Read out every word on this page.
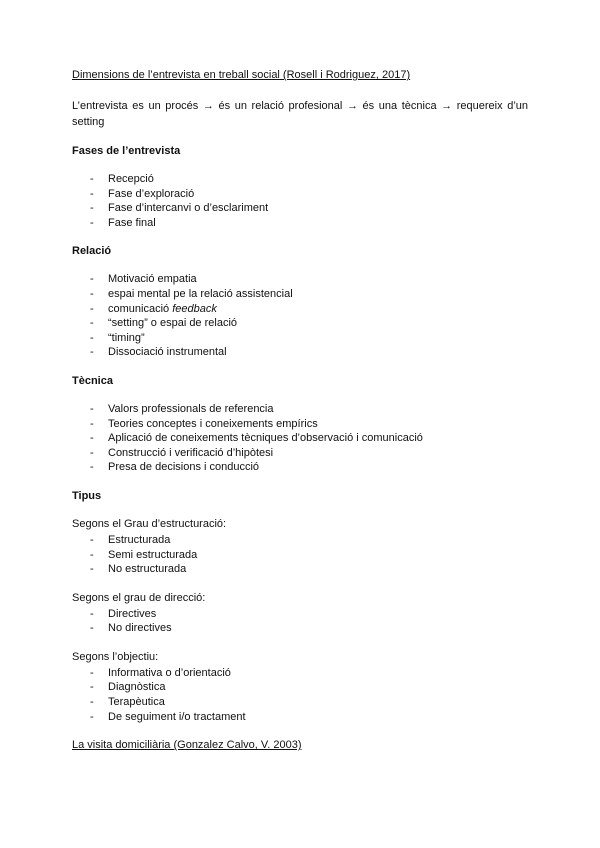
Dimensions de l’entrevista en treball social (Rosell i Rodriguez, 2017)

L’entrevista es un procés → és un relació profesional → és una tècnica → requereix d’un setting

Fases de l’entrevista
- Recepció
- Fase d’exploració
- Fase d’intercanvi o d’esclariment
- Fase final
Relació
- Motivació empatia
- espai mental pe la relació assistencial
- comunicació feedback
- “setting” o espai de relació
- “timing”
- Dissociació instrumental
Tècnica
- Valors professionals de referencia
- Teories conceptes i coneixements empírics
- Aplicació de coneixements tècniques d’observació i comunicació
- Construcció i verificació d’hipòtesi
- Presa de decisions i conducció
Tipus

Segons el Grau d’estructuració:

- Estructurada
- Semi estructurada
- No estructurada

Segons el grau de direcció:

- Directives
- No directives

Segons l’objectiu:

- Informativa o d’orientació
- Diagnòstica
- Terapèutica
- De seguiment i/o tractament

La visita domiciliària (Gonzalez Calvo, V. 2003)
